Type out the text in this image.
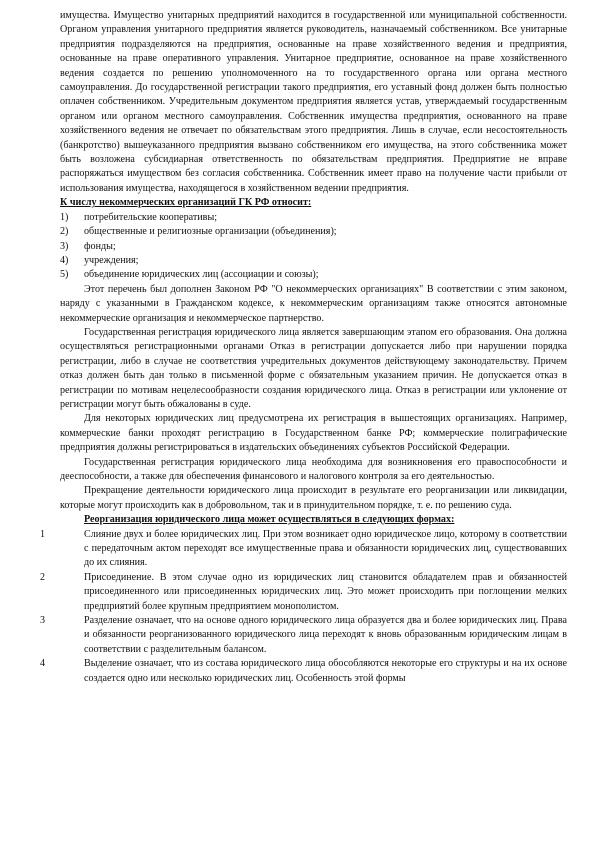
имущества. Имущество унитарных предприятий находится в государственной или муниципальной собственности. Органом управления унитарного предприятия является руководитель, назначаемый собственником. Все унитарные предприятия подразделяются на предприятия, основанные на праве хозяйственного ведения и предприятия, основанные на праве оперативного управления. Унитарное предприятие, основанное на праве хозяйственного ведения создается по решению уполномоченного на то государственного органа или органа местного самоуправления. До государственной регистрации такого предприятия, его уставный фонд должен быть полностью оплачен собственником. Учредительным документом предприятия является устав, утверждаемый государственным органом или органом местного самоуправления. Собственник имущества предприятия, основанного на праве хозяйственного ведения не отвечает по обязательствам этого предприятия. Лишь в случае, если несостоятельность (банкротство) вышеуказанного предприятия вызвано собственником его имущества, на этого собственника может быть возложена субсидиарная ответственность по обязательствам предприятия. Предприятие не вправе распоряжаться имуществом без согласия собственника. Собственник имеет право на получение части прибыли от использования имущества, находящегося в хозяйственном ведении предприятия.

К числу некоммерческих организаций ГК РФ относит:

1) потребительские кооперативы;
2) общественные и религиозные организации (объединения);
3) фонды;
4) учреждения;
5) объединение юридических лиц (ассоциации и союзы);

Этот перечень был дополнен Законом РФ "О некоммерческих организациях" В соответствии с этим законом, наряду с указанными в Гражданском кодексе, к некоммерческим организациям также относятся автономные некоммерческие организация и некоммерческое партнерство.

Государственная регистрация юридического лица является завершающим этапом его образования. Она должна осуществляться регистрационными органами Отказ в регистрации допускается либо при нарушении порядка регистрации, либо в случае не соответствия учредительных документов действующему законодательству. Причем отказ должен быть дан только в письменной форме с обязательным указанием причин. Не допускается отказ в регистрации по мотивам нецелесообразности создания юридического лица. Отказ в регистрации или уклонение от регистрации могут быть обжалованы в суде.

Для некоторых юридических лиц предусмотрена их регистрация в вышестоящих организациях. Например, коммерческие банки проходят регистрацию в Государственном банке РФ; коммерческие полиграфические предприятия должны регистрироваться в издательских объединениях субъектов Российской Федерации.

Государственная регистрация юридического лица необходима для возникновения его правоспособности и дееспособности, а также для обеспечения финансового и налогового контроля за его деятельностью.

Прекращение деятельности юридического лица происходит в результате его реорганизации или ликвидации, которые могут происходить как в добровольном, так и в принудительном порядке, т. е. по решению суда.

Реорганизация юридического лица может осуществляться в следующих формах:

1	Слияние двух и более юридических лиц. При этом возникает одно юридическое лицо, которому в соответствии с передаточным актом переходят все имущественные права и обязанности юридических лиц, существовавших до их слияния.
2	Присоединение. В этом случае одно из юридических лиц становится обладателем прав и обязанностей присоединенного или присоединенных юридических лиц. Это может происходить при поглощении мелких предприятий более крупным предприятием монополистом.
3	Разделение означает, что на основе одного юридического лица образуется два и более юридических лиц. Права и обязанности реорганизованного юридического лица переходят к вновь образованным юридическим лицам в соответствии с разделительным балансом.
4	Выделение означает, что из состава юридического лица обособляются некоторые его структуры и на их основе создается одно или несколько юридических лиц. Особенность этой формы
